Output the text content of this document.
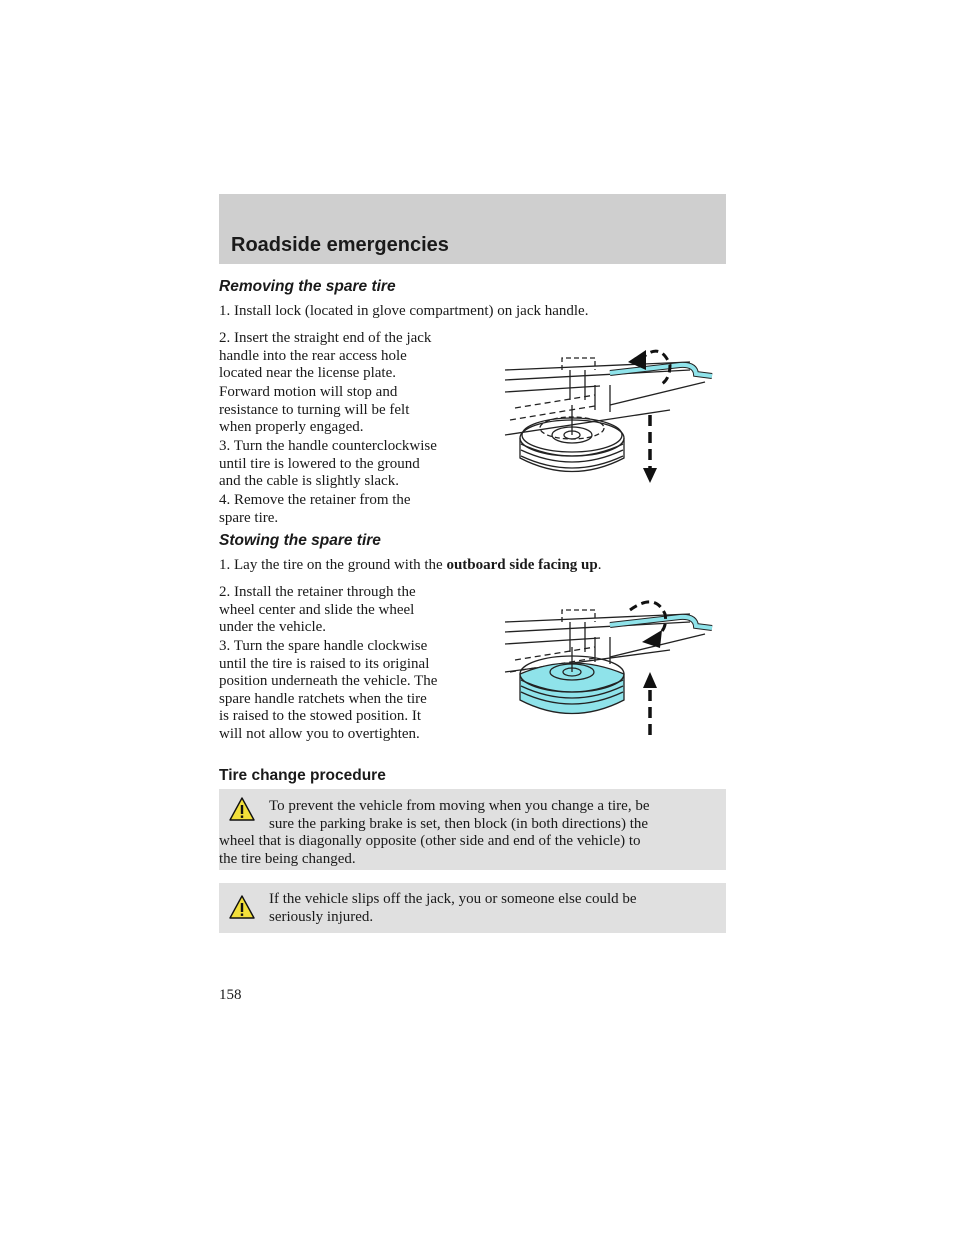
Roadside emergencies
Removing the spare tire

1. Install lock (located in glove compartment) on jack handle.

2. Insert the straight end of the jack
handle into the rear access hole
located near the license plate.
Forward motion will stop and
resistance to turning will be felt
when properly engaged.
3. Turn the handle counterclockwise
until tire is lowered to the ground
and the cable is slightly slack.
4. Remove the retainer from the
spare tire.
Stowing the spare tire

1. Lay the tire on the ground with the outboard side facing up.

2. Install the retainer through the
wheel center and slide the wheel
under the vehicle.
3. Turn the spare handle clockwise
until the tire is raised to its original
position underneath the vehicle. The
spare handle ratchets when the tire
is raised to the stowed position. It
will not allow you to overtighten.
Tire change procedure
To prevent the vehicle from moving when you change a tire, be
sure the parking brake is set, then block (in both directions) the
wheel that is diagonally opposite (other side and end of the vehicle) to
the tire being changed.
If the vehicle slips off the jack, you or someone else could be
seriously injured.

158
